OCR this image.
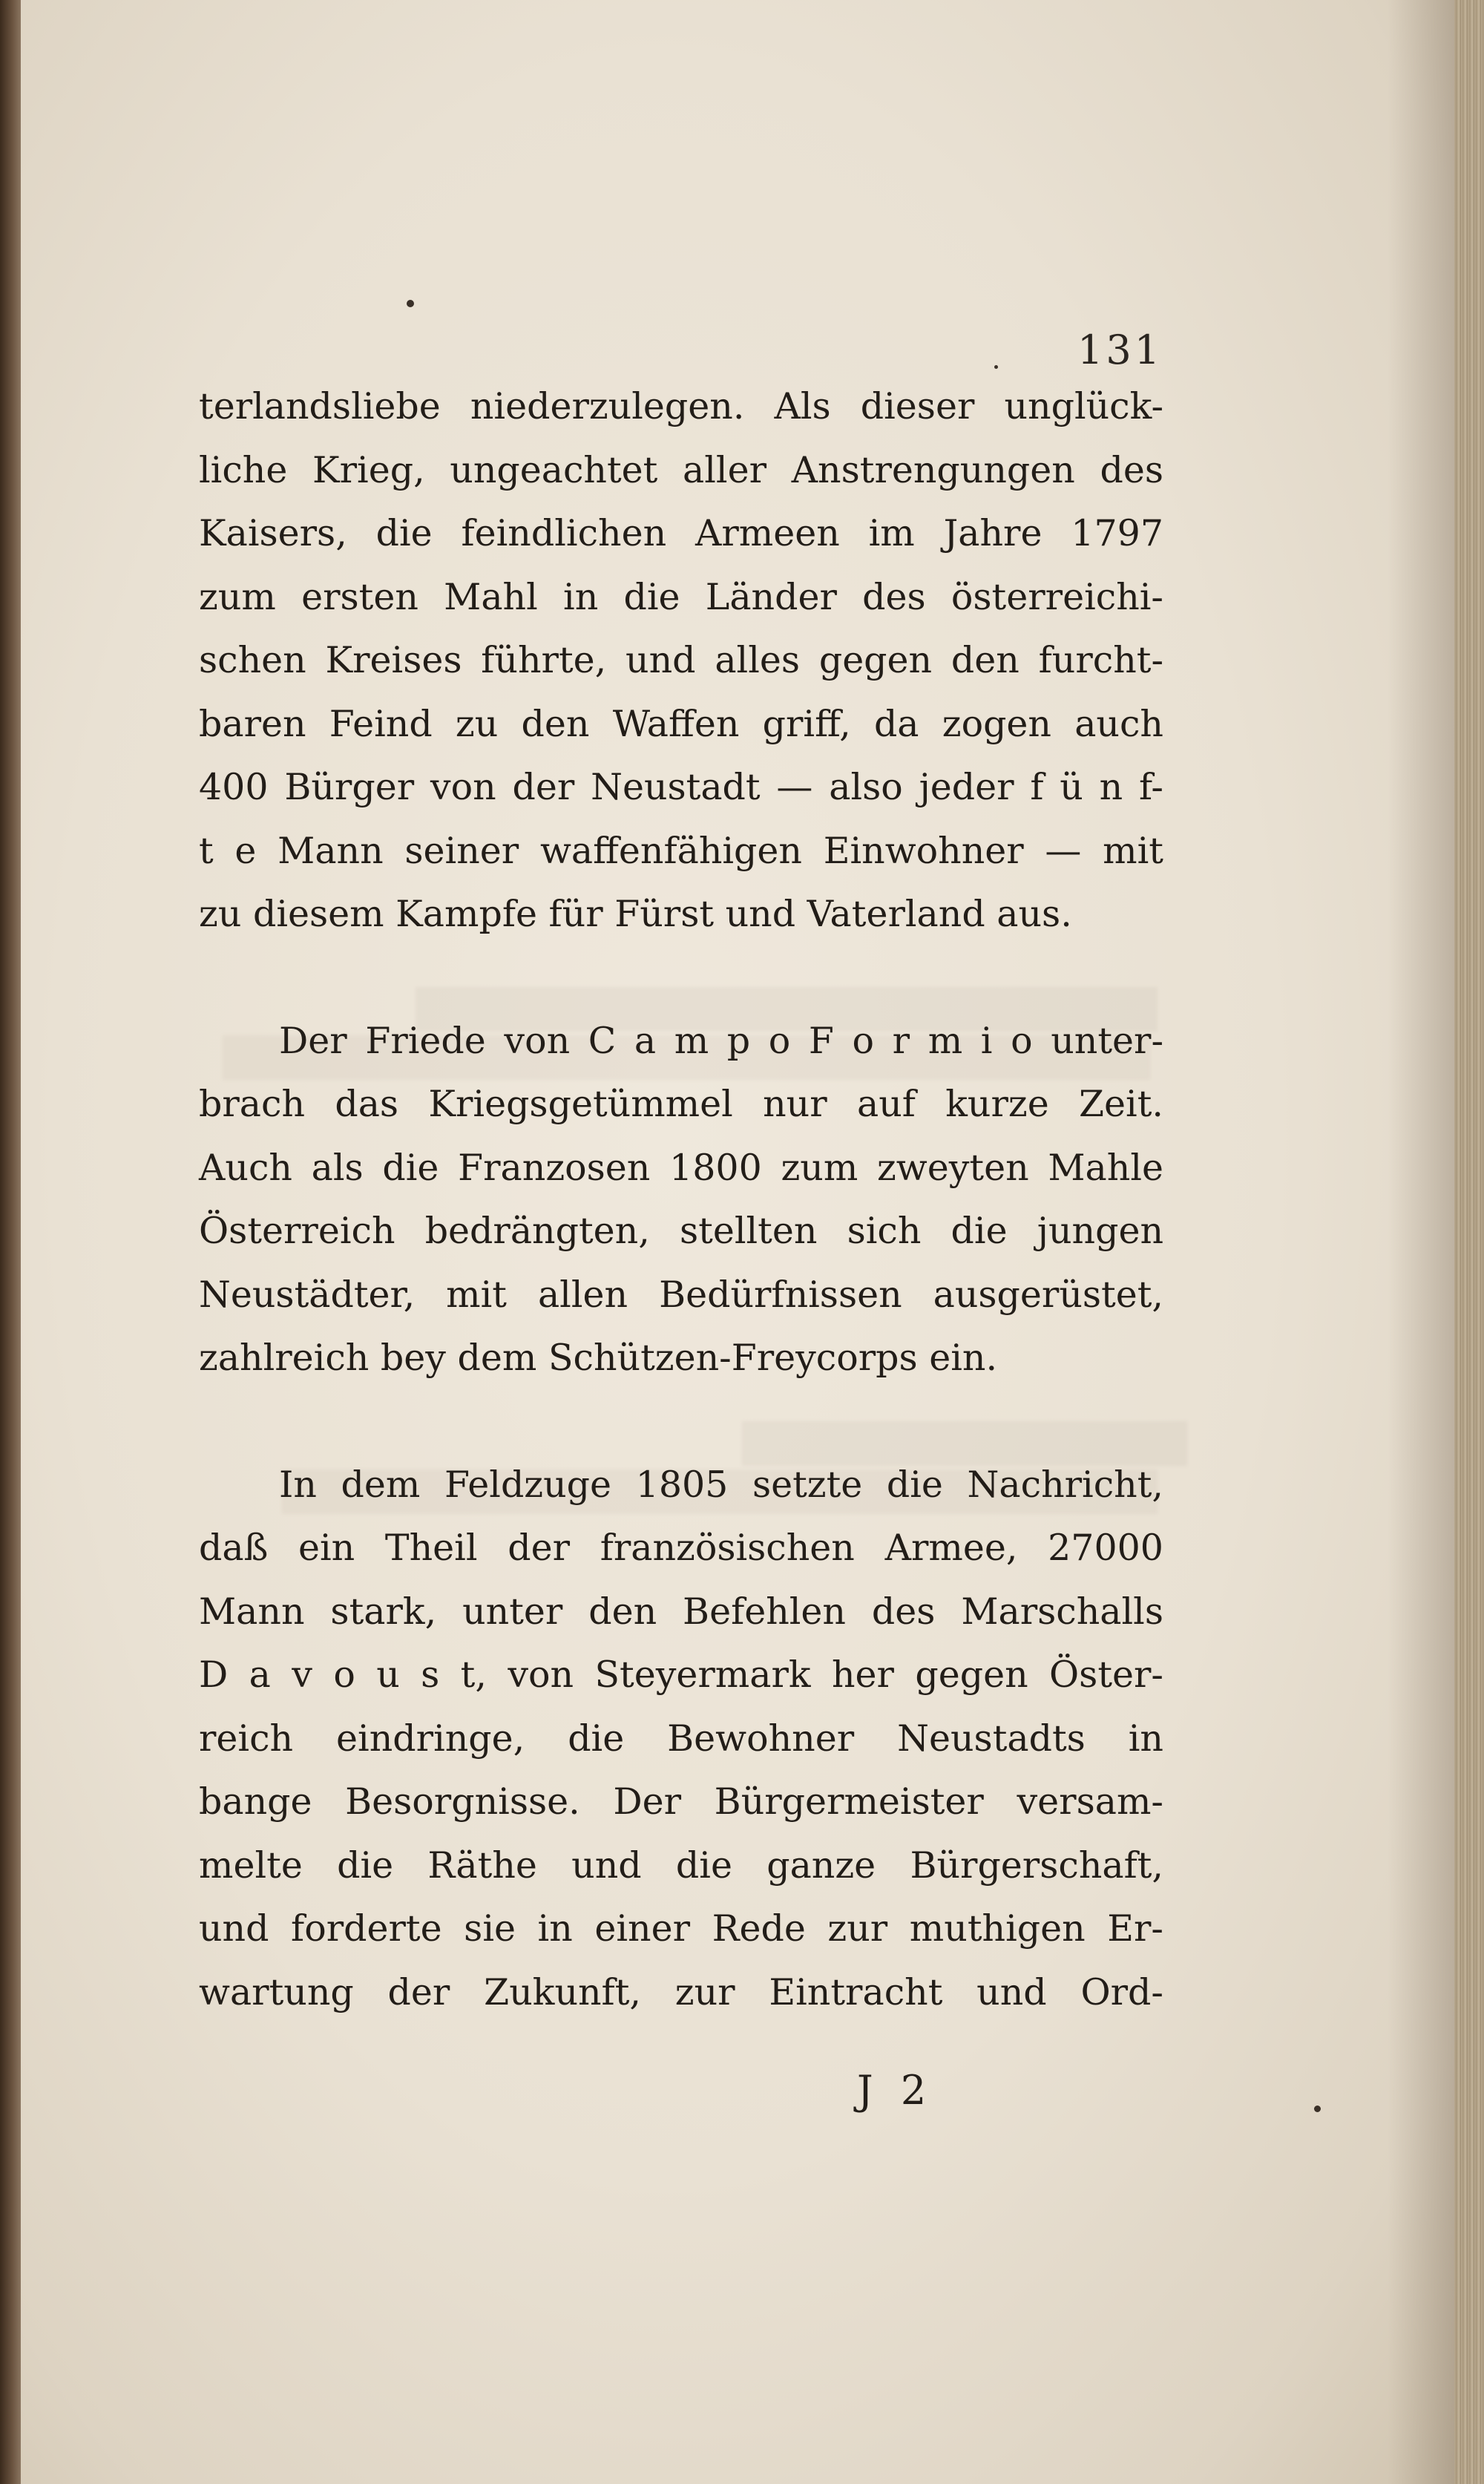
131
terlandsliebe niederzulegen. Als dieser unglück-
liche Krieg, ungeachtet aller Anstrengungen des
Kaisers, die feindlichen Armeen im Jahre 1797
zum ersten Mahl in die Länder des österreichi-
schen Kreises führte, und alles gegen den furcht-
baren Feind zu den Waffen griff, da zogen auch
400 Bürger von der Neustadt — also jeder f ü n f-
t e Mann seiner waffenfähigen Einwohner — mit
zu diesem Kampfe für Fürst und Vaterland aus.
Der Friede von C a m p o F o r m i o unter-
brach das Kriegsgetümmel nur auf kurze Zeit.
Auch als die Franzosen 1800 zum zweyten Mahle
Österreich bedrängten, stellten sich die jungen
Neustädter, mit allen Bedürfnissen ausgerüstet,
zahlreich bey dem Schützen-Freycorps ein.
In dem Feldzuge 1805 setzte die Nachricht,
daß ein Theil der französischen Armee, 27000
Mann stark, unter den Befehlen des Marschalls
D a v o u s t, von Steyermark her gegen Öster-
reich eindringe, die Bewohner Neustadts in
bange Besorgnisse. Der Bürgermeister versam-
melte die Räthe und die ganze Bürgerschaft,
und forderte sie in einer Rede zur muthigen Er-
wartung der Zukunft, zur Eintracht und Ord-
J 2
